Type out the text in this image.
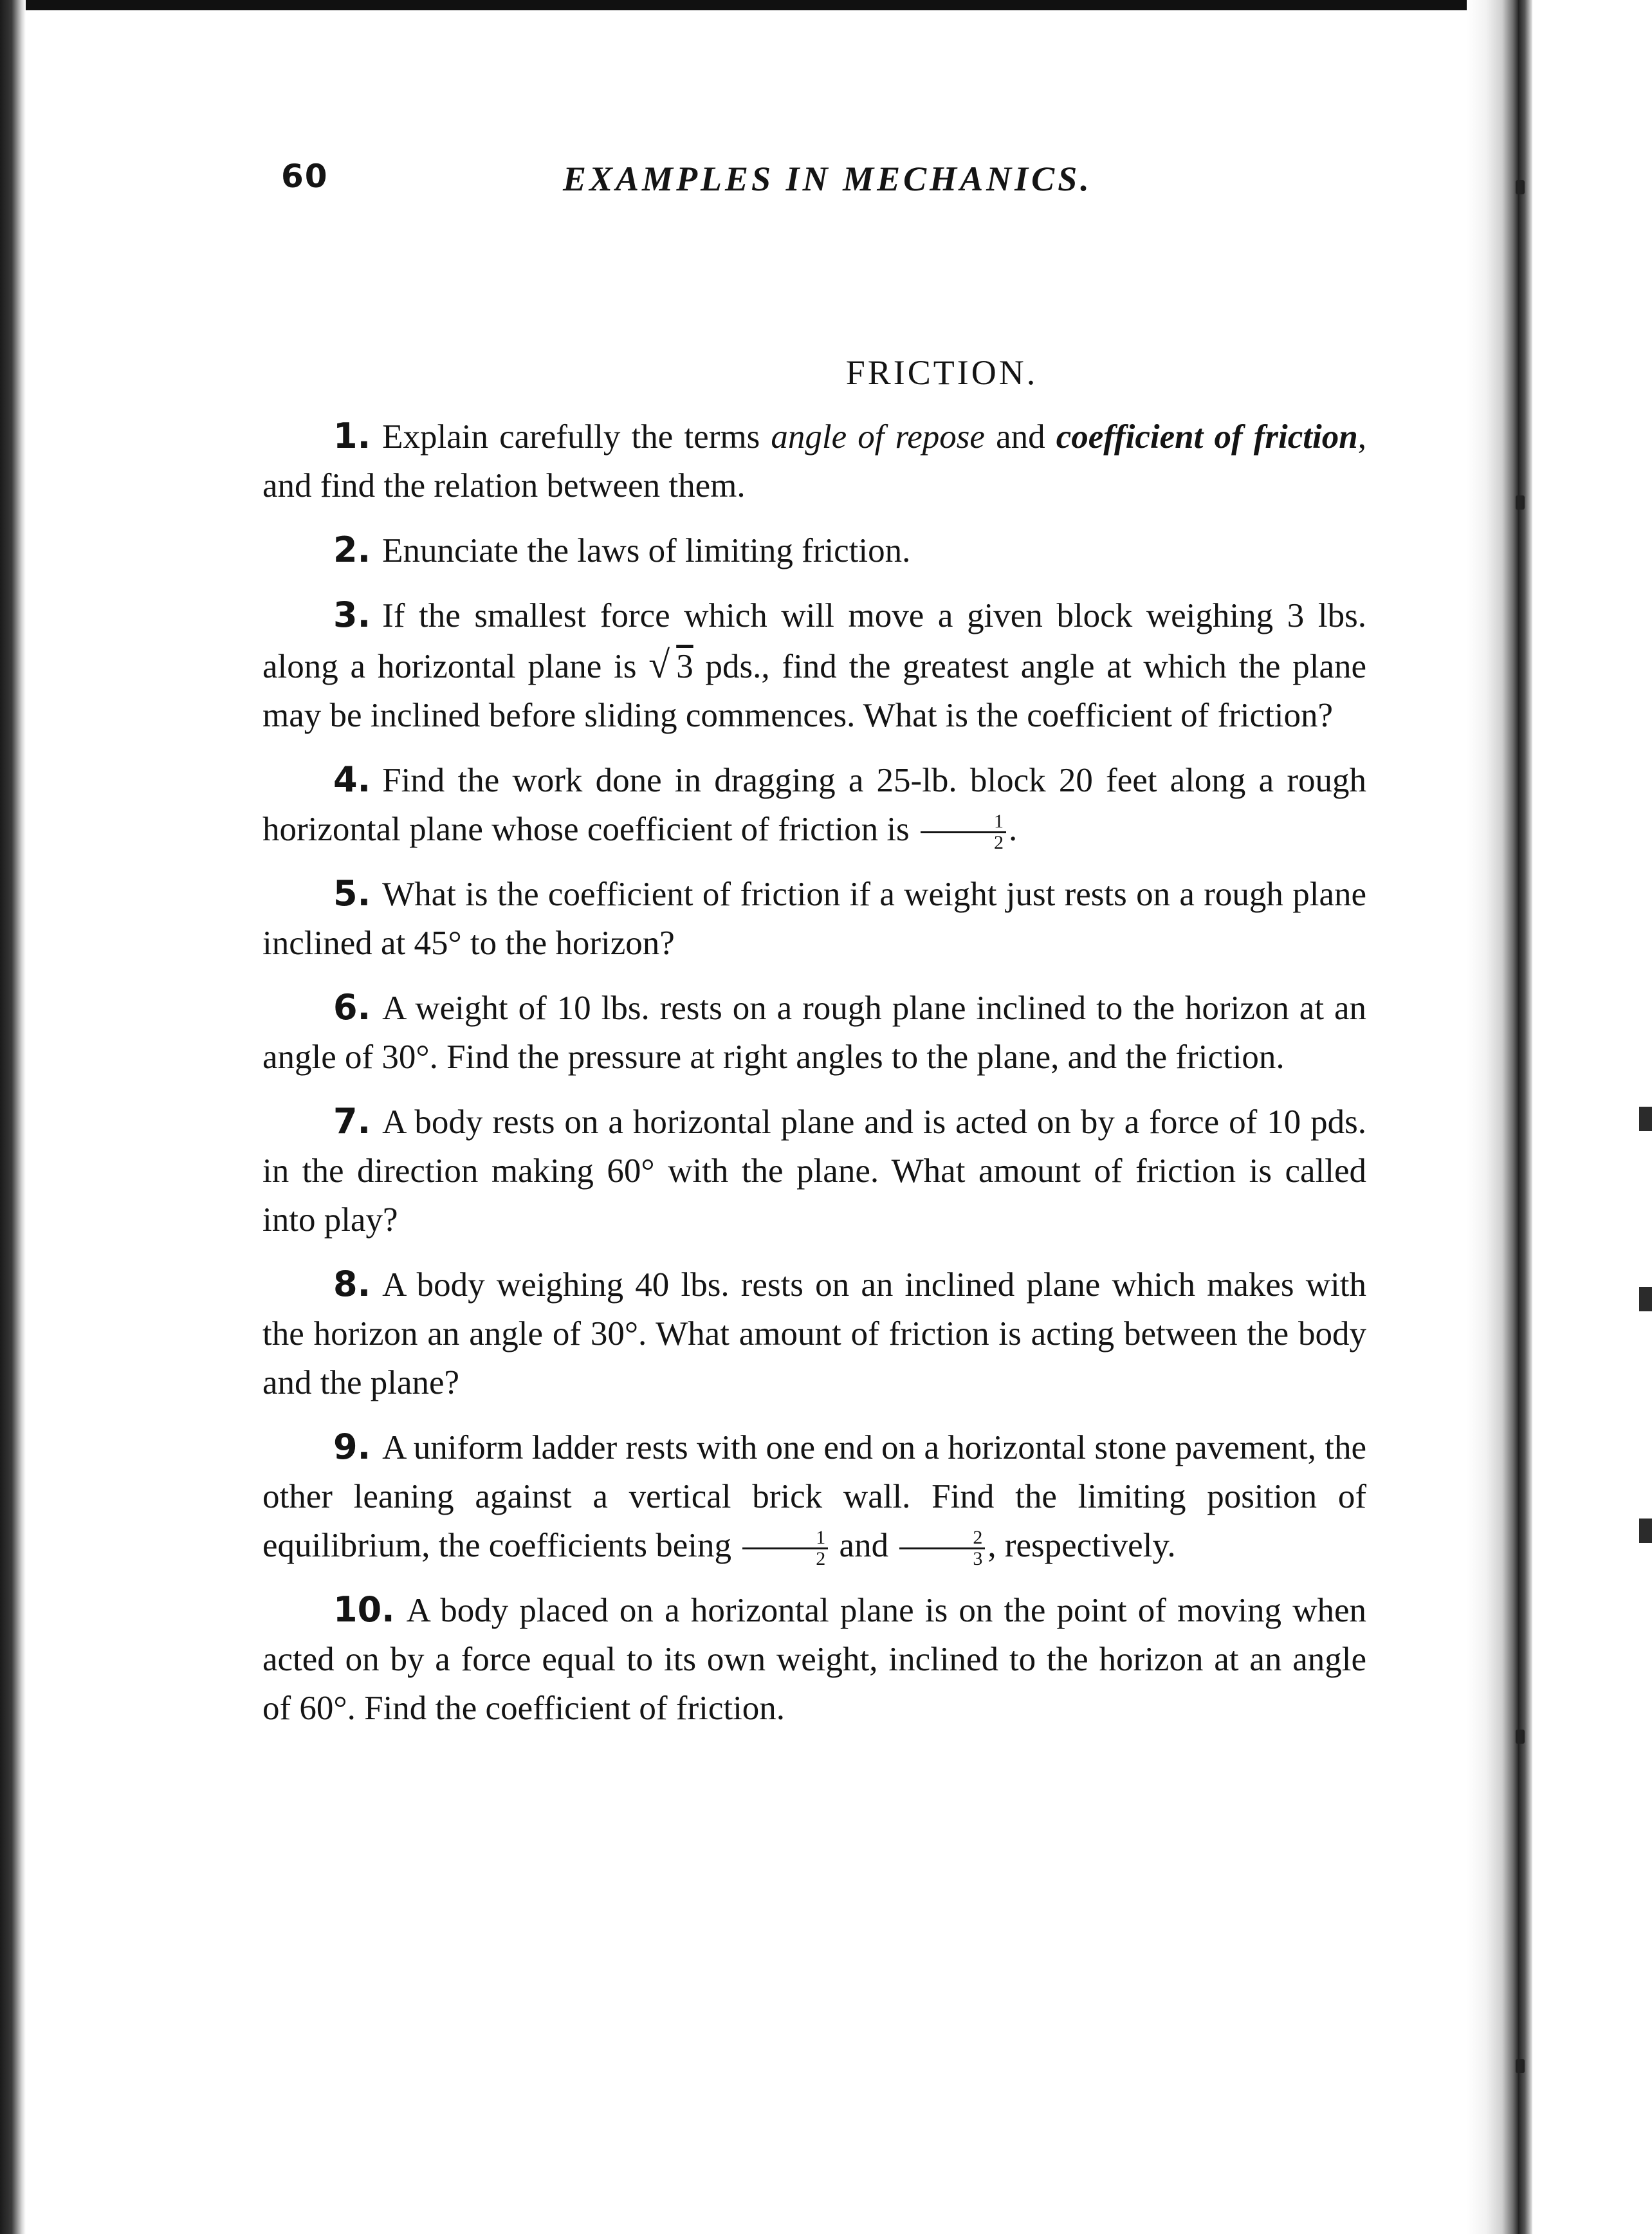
60	EXAMPLES IN MECHANICS.
FRICTION.

1. Explain carefully the terms angle of repose and coefficient of friction, and find the relation between them.

2. Enunciate the laws of limiting friction.

3. If the smallest force which will move a given block weighing 3 lbs. along a horizontal plane is √ 3 pds., find the greatest angle at which the plane may be inclined before sliding commences. What is the coefficient of friction?

4. Find the work done in dragging a 25-lb. block 20 feet along a rough horizontal plane whose coefficient of friction is $\frac{1}{2}$ .

5. What is the coefficient of friction if a weight just rests on a rough plane inclined at 45° to the horizon?

6. A weight of 10 lbs. rests on a rough plane inclined to the horizon at an angle of 30°. Find the pressure at right angles to the plane, and the friction.

7. A body rests on a horizontal plane and is acted on by a force of 10 pds. in the direction making 60° with the plane. What amount of friction is called into play?

8. A body weighing 40 lbs. rests on an inclined plane which makes with the horizon an angle of 30°. What amount of friction is acting between the body and the plane?

9. A uniform ladder rests with one end on a horizontal stone pavement, the other leaning against a vertical brick wall. Find the limiting position of equilibrium, the coefficients being $\frac{1}{2}$ and $\frac{2}{3}$ , respectively.

10. A body placed on a horizontal plane is on the point of moving when acted on by a force equal to its own weight, inclined to the horizon at an angle of 60°. Find the coefficient of friction.
